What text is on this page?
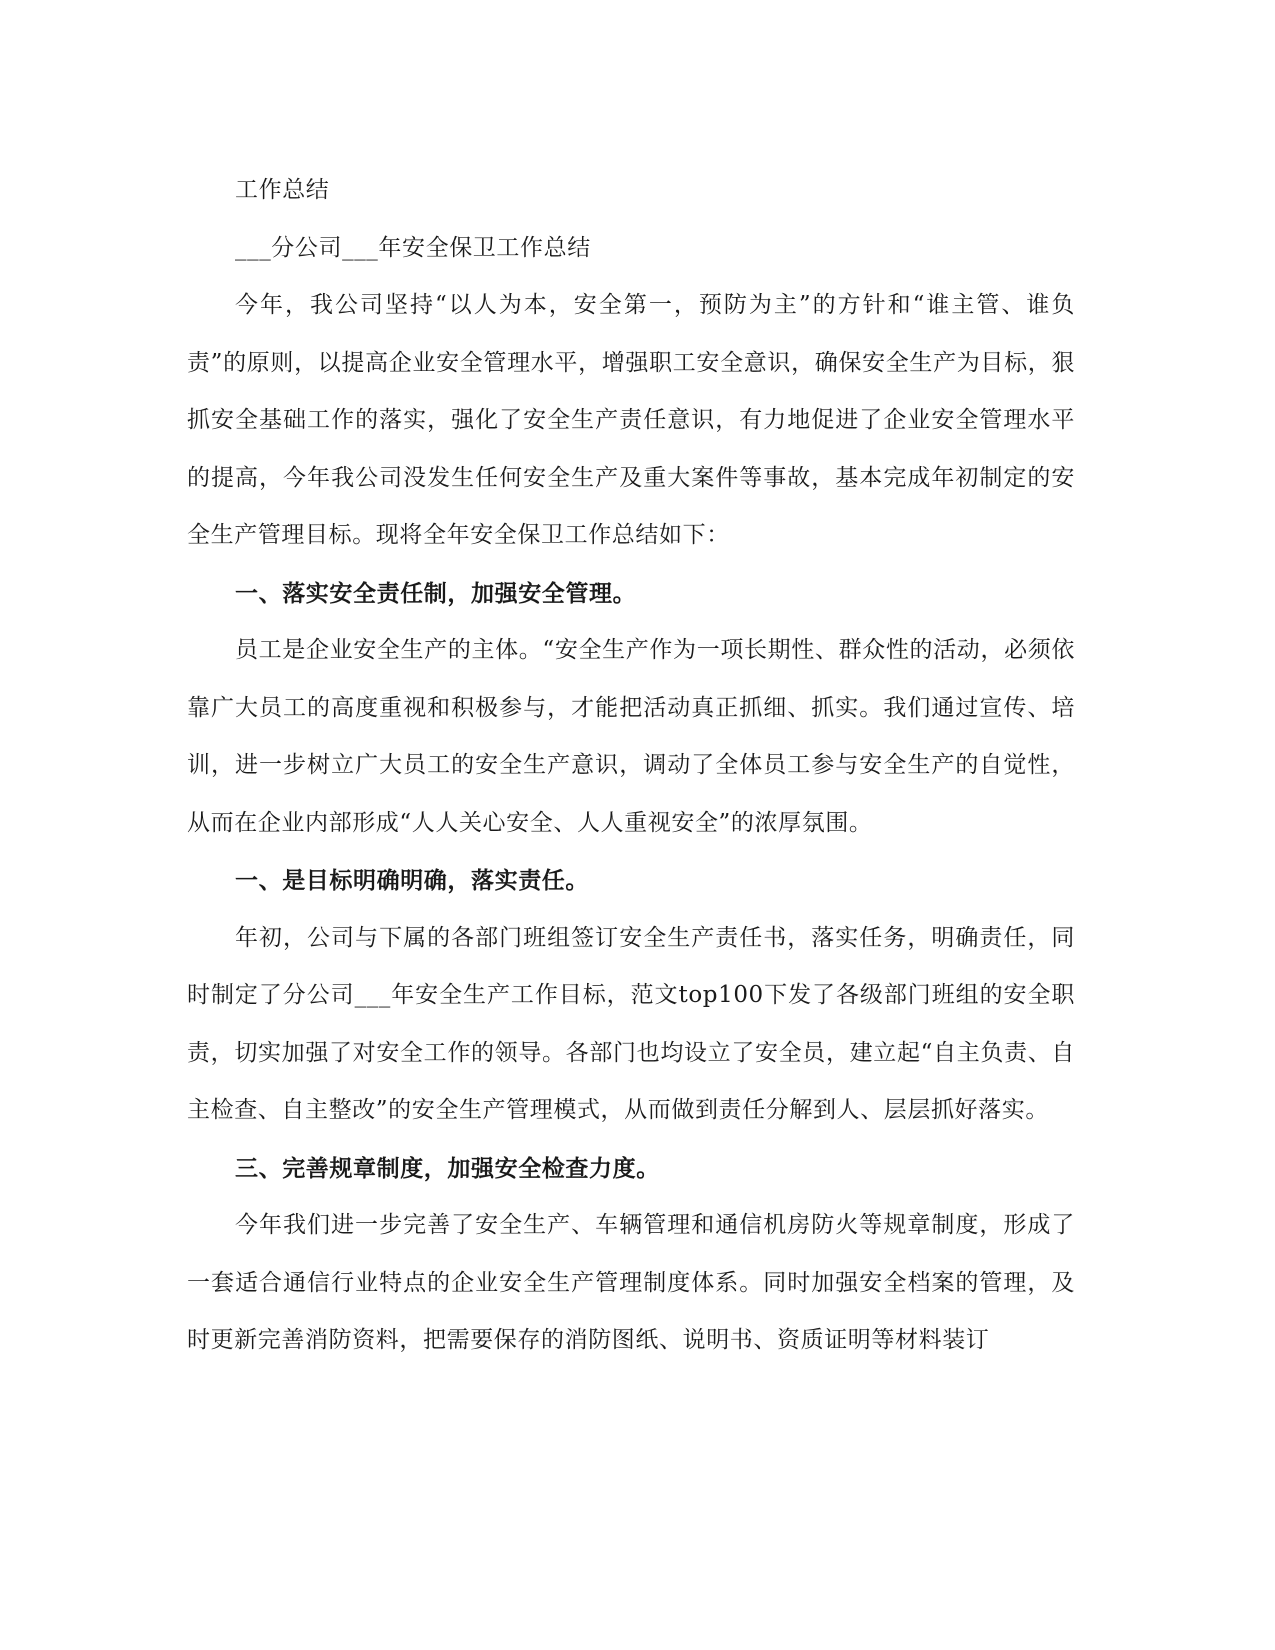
工作总结

___分公司___年安全保卫工作总结

今年，我公司坚持“以人为本，安全第一，预防为主”的方针和“谁主管、谁负责”的原则，以提高企业安全管理水平，增强职工安全意识，确保安全生产为目标，狠抓安全基础工作的落实，强化了安全生产责任意识，有力地促进了企业安全管理水平的提高，今年我公司没发生任何安全生产及重大案件等事故，基本完成年初制定的安全生产管理目标。现将全年安全保卫工作总结如下：

一、落实安全责任制，加强安全管理。

员工是企业安全生产的主体。“安全生产作为一项长期性、群众性的活动，必须依靠广大员工的高度重视和积极参与，才能把活动真正抓细、抓实。我们通过宣传、培训，进一步树立广大员工的安全生产意识，调动了全体员工参与安全生产的自觉性，从而在企业内部形成“人人关心安全、人人重视安全”的浓厚氛围。

一、是目标明确明确，落实责任。

年初，公司与下属的各部门班组签订安全生产责任书，落实任务，明确责任，同时制定了分公司___年安全生产工作目标，范文top100下发了各级部门班组的安全职责，切实加强了对安全工作的领导。各部门也均设立了安全员，建立起“自主负责、自主检查、自主整改”的安全生产管理模式，从而做到责任分解到人、层层抓好落实。

三、完善规章制度，加强安全检查力度。

今年我们进一步完善了安全生产、车辆管理和通信机房防火等规章制度，形成了一套适合通信行业特点的企业安全生产管理制度体系。同时加强安全档案的管理，及时更新完善消防资料，把需要保存的消防图纸、说明书、资质证明等材料装订
